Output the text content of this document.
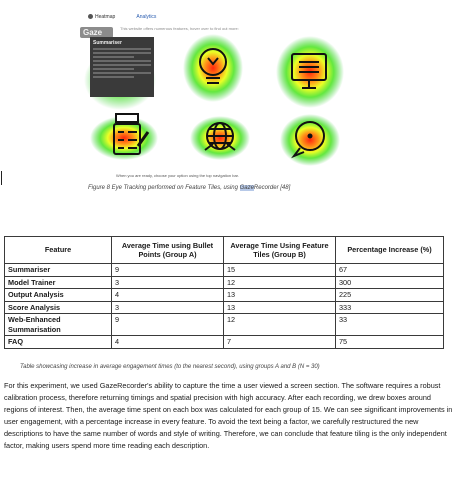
Heatmap	Analytics
This website offers numerous features, hover over to find out more:
Gaze
Summariser
When you are ready, choose your option using the top navigation bar.
Figure 8 Eye Tracking performed on Feature Tiles, using GazeRecorder [48]
Feature	Average Time using Bullet Points (Group A)	Average Time Using Feature Tiles (Group B)	Percentage Increase (%)
Summariser	9	15	67
Model Trainer	3	12	300
Output Analysis	4	13	225
Score Analysis	3	13	333
Web-Enhanced Summarisation	9	12	33
FAQ	4	7	75
Table showcasing increase in average engagement times (to the nearest second), using groups A and B (N = 30)
For this experiment, we used GazeRecorder's ability to capture the time a user viewed a screen section. The software requires a robust calibration process, therefore returning timings and spatial precision with high accuracy. After each recording, we drew boxes around regions of interest. Then, the average time spent on each box was calculated for each group of 15. We can see significant improvements in user engagement, with a percentage increase in every feature. To avoid the text being a factor, we carefully restructured the new descriptions to have the same number of words and style of writing. Therefore, we can conclude that feature tiling is the only independent factor, making users spend more time reading each description.
